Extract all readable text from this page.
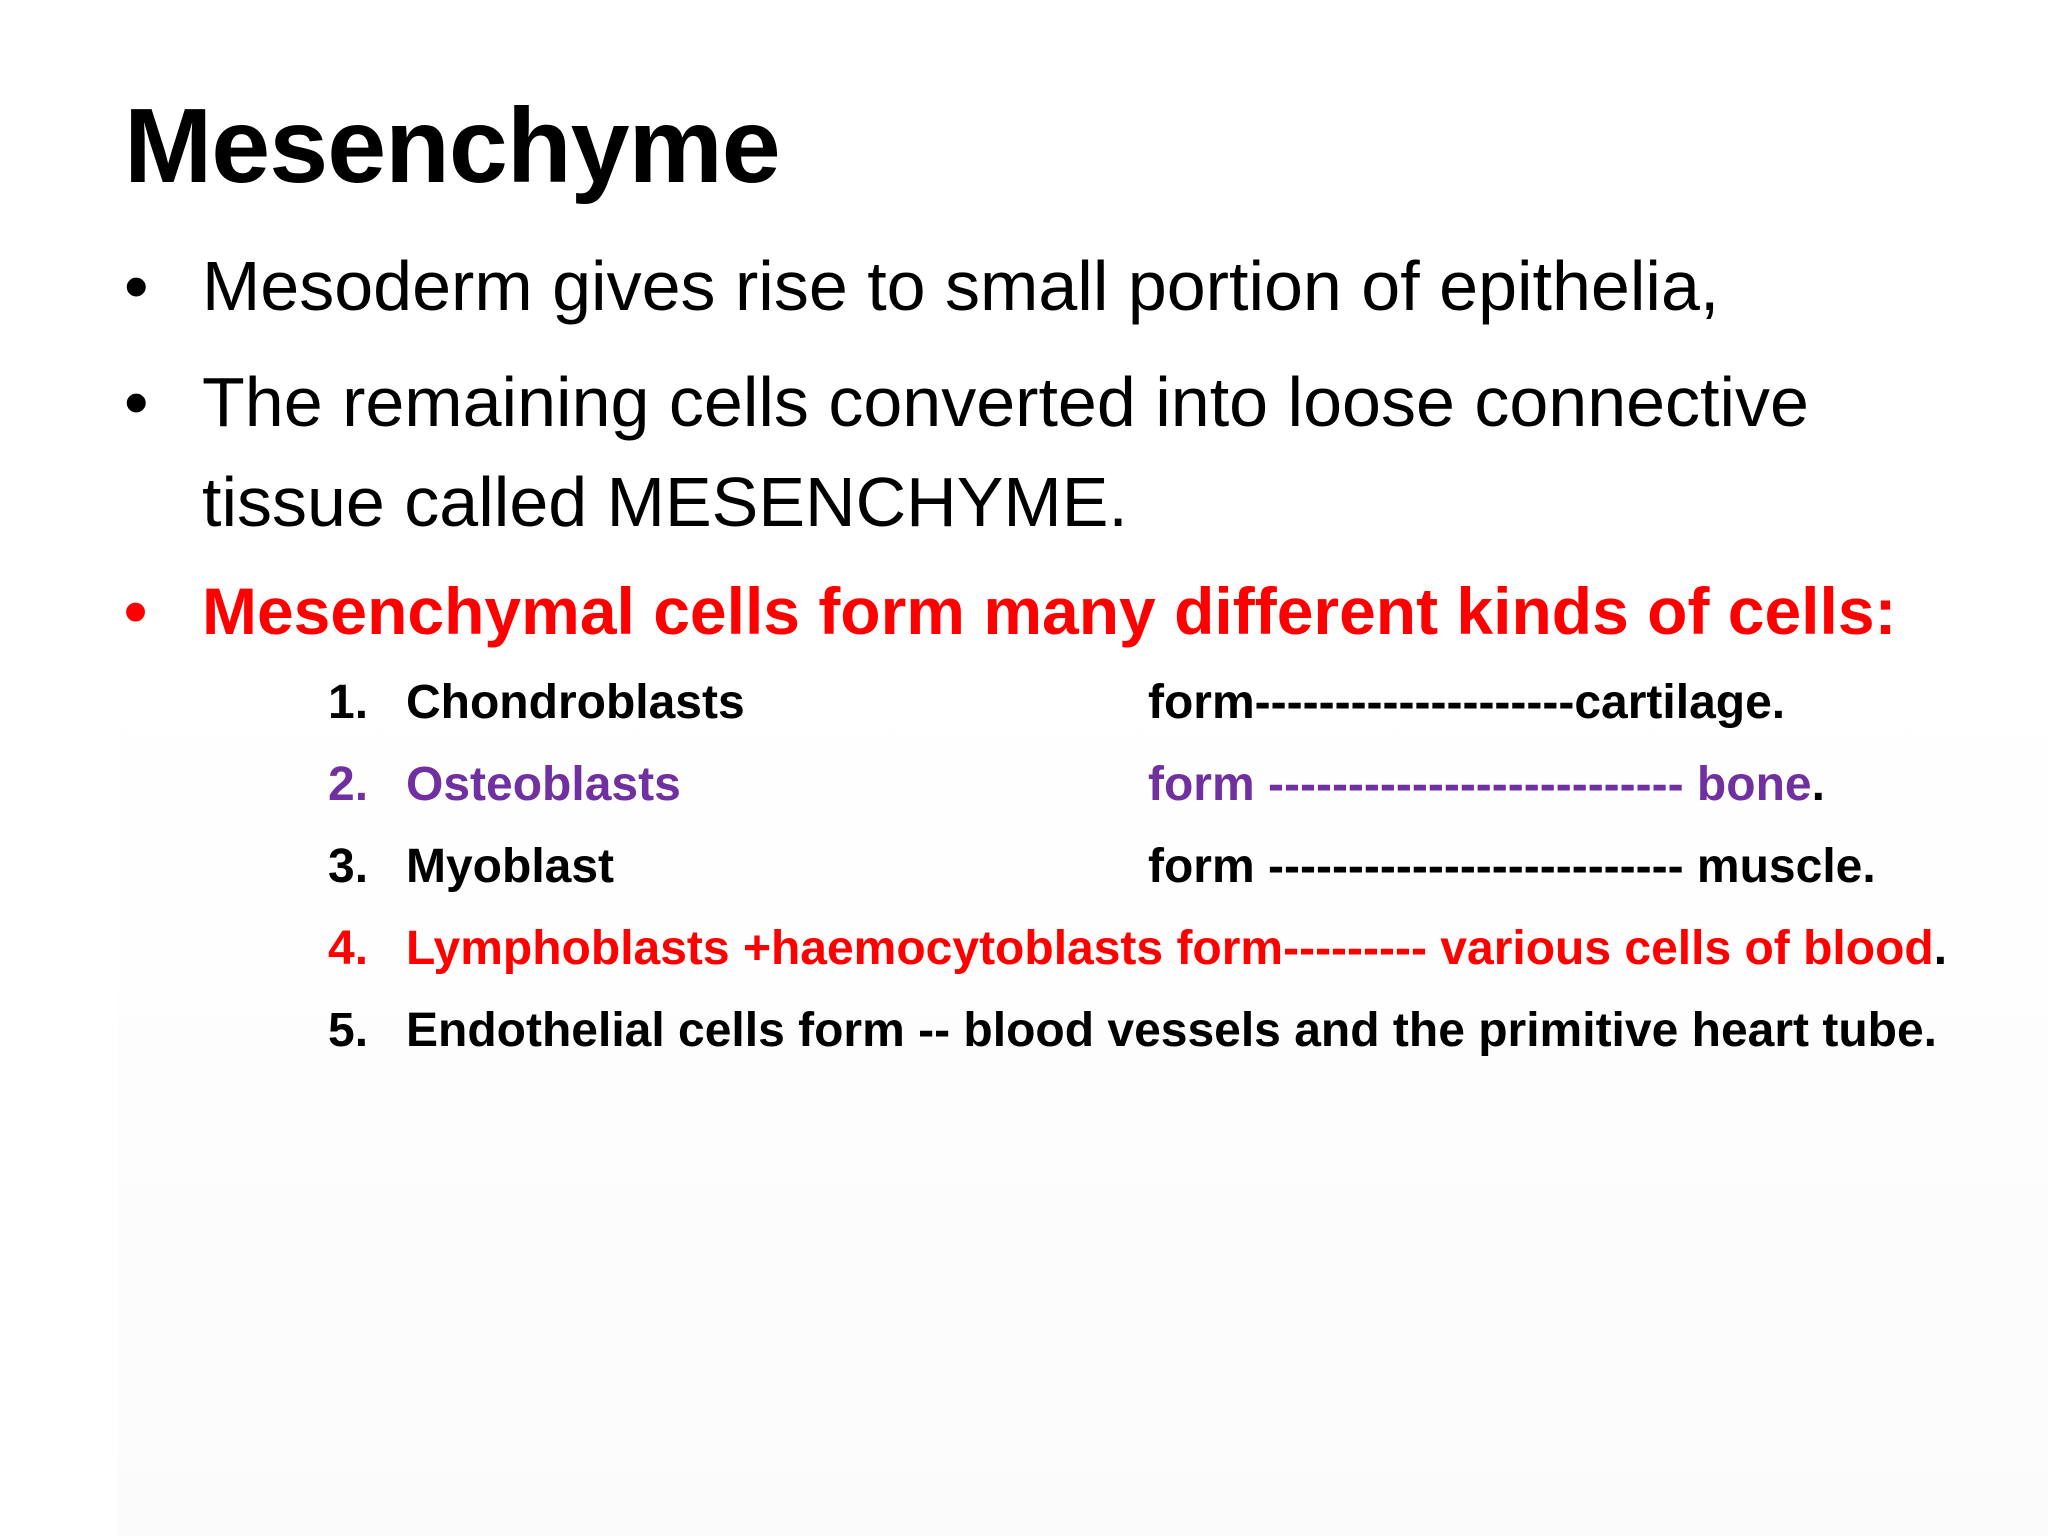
Mesenchyme
• Mesoderm gives rise to small portion of epithelia,
• The remaining cells converted into loose connective
tissue called MESENCHYME.
• Mesenchymal cells form many different kinds of cells:
1. Chondroblasts	form--------------------cartilage.
2. Osteoblasts	form -------------------------- bone.
3. Myoblast	form -------------------------- muscle.
4. Lymphoblasts +haemocytoblasts form--------- various cells of blood.
5. Endothelial cells form -- blood vessels and the primitive heart tube.
